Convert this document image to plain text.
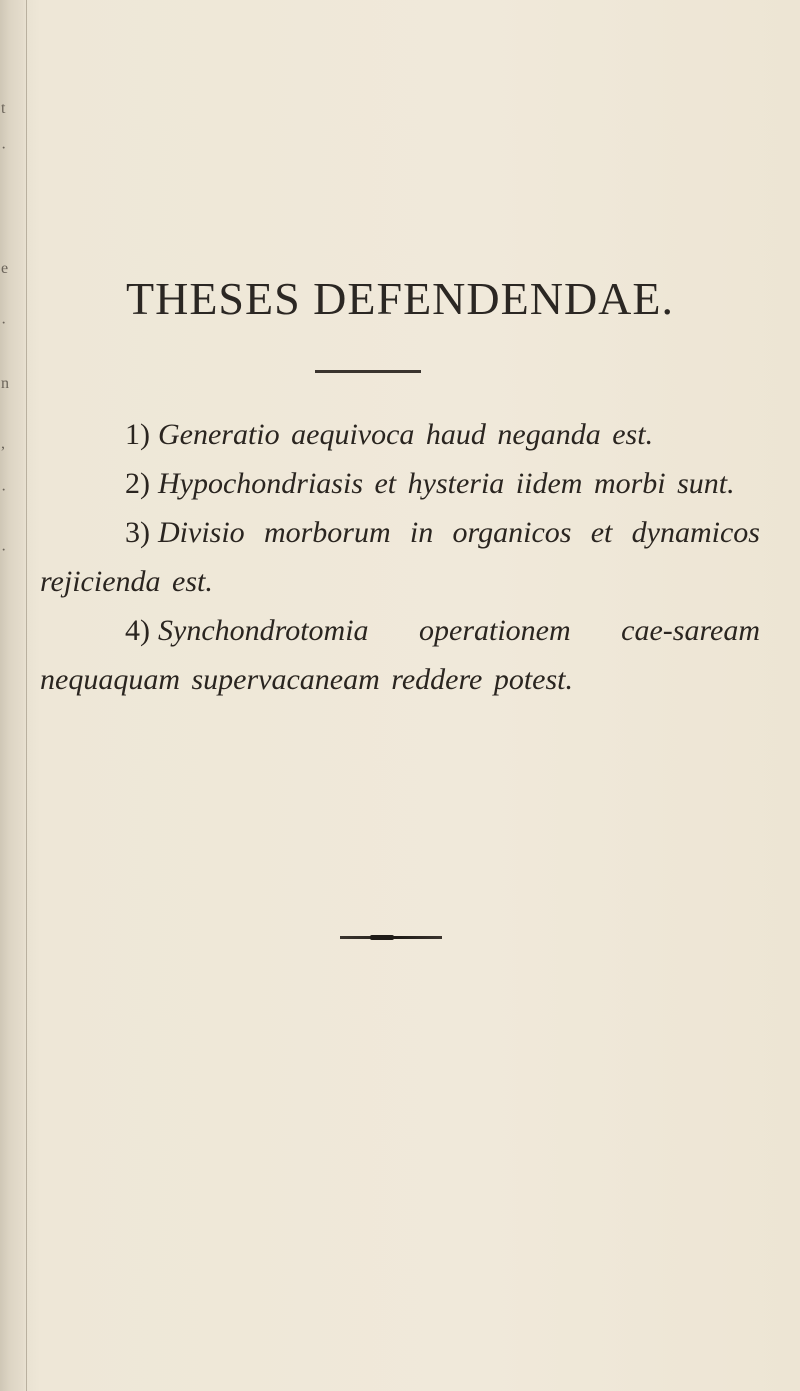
t
·
e
·
n
,
·
·
THESES DEFENDENDAE.

1) Generatio aequivoca haud neganda est.

2) Hypochondriasis et hysteria iidem morbi sunt.

3) Divisio morborum in organicos et dynamicos rejicienda est.

4) Synchondrotomia operationem cae-saream nequaquam supervacaneam reddere potest.
